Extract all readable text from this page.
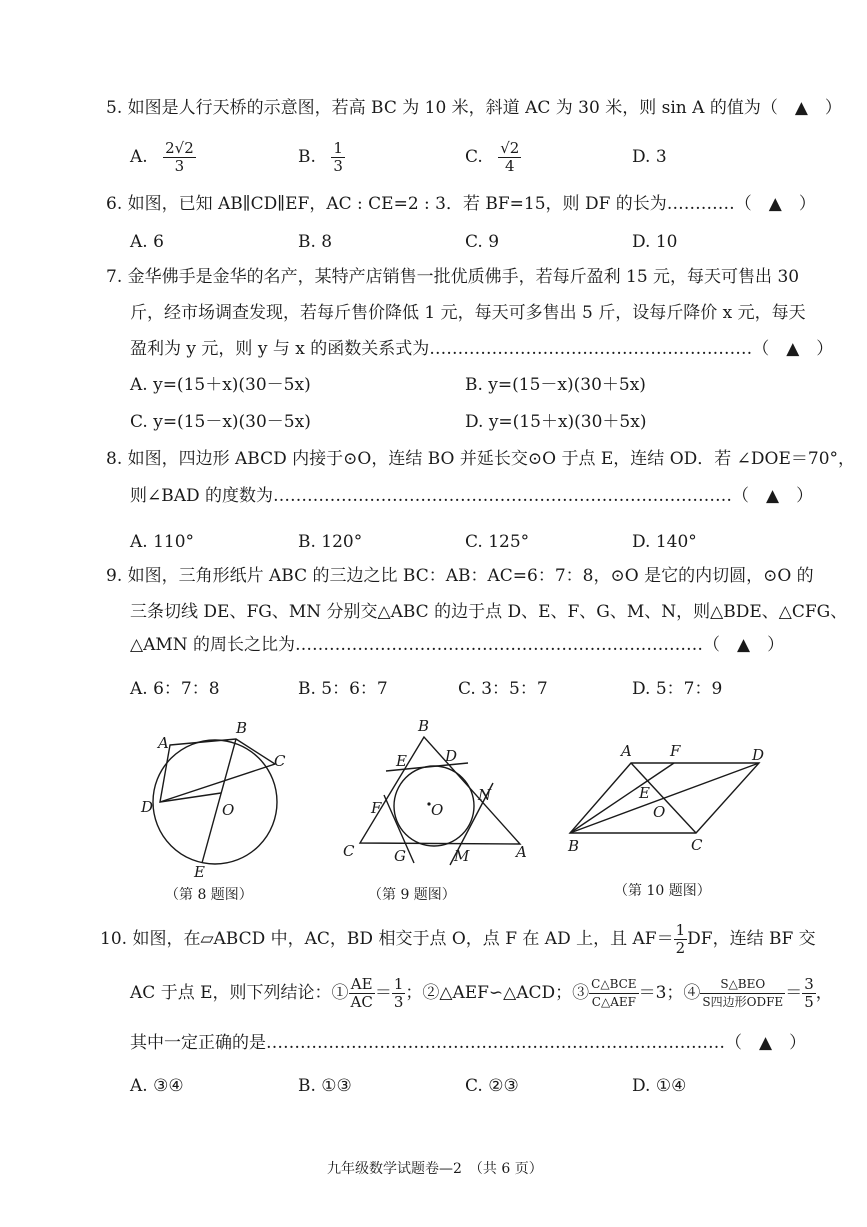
5. 如图是人行天桥的示意图，若高 BC 为 10 米，斜道 AC 为 30 米，则 sin A 的值为（　▲　）
A. $\frac{2√2}{3}$	B. $\frac{1}{3}$	C. $\frac{√2}{4}$	D. 3
6. 如图，已知 AB∥CD∥EF，AC : CE=2 : 3．若 BF=15，则 DF 的长为…………（　▲　）
A. 6	B. 8	C. 9	D. 10
7. 金华佛手是金华的名产，某特产店销售一批优质佛手，若每斤盈利 15 元，每天可售出 30
斤，经市场调查发现，若每斤售价降低 1 元，每天可多售出 5 斤，设每斤降价 x 元，每天
盈利为 y 元，则 y 与 x 的函数关系式为…………………………………………………（　▲　）
A. y=(15＋x)(30－5x)	B. y=(15－x)(30＋5x)
C. y=(15－x)(30－5x)	D. y=(15＋x)(30＋5x)
8. 如图，四边形 ABCD 内接于⊙O，连结 BO 并延长交⊙O 于点 E，连结 OD．若 ∠DOE＝70°，
则∠BAD 的度数为………………………………………………………………………（　▲　）
A. 110°	B. 120°	C. 125°	D. 140°
9. 如图，三角形纸片 ABC 的三边之比 BC：AB：AC=6：7：8，⊙O 是它的内切圆，⊙O 的
三条切线 DE、FG、MN 分别交△ABC 的边于点 D、E、F、G、M、N，则△BDE、△CFG、
△AMN 的周长之比为………………………………………………………………（　▲　）
A. 6：7：8	B. 5：6：7	C. 3：5：7	D. 5：7：9
A
B
C
D	O
E
（第 8 题图）
B
E	D
F	O
N
C	G	M	A
（第 9 题图）
A	F	D
E
O
B	C
（第 10 题图）
10. 如图，在▱ABCD 中，AC，BD 相交于点 O，点 F 在 AD 上，且 $AF= \frac{1}{2}$ DF，连结 BF 交
AC 于点 E，则下列结论：① $\frac{AE}{AC} = \frac{1}{3}$ ；②△AEF∽△ACD；③ $\frac{\text{C△BCE}}{\text{C△AEF}} =3$；④ $\frac{\text{S△BEO}}{\text{S四边形ODFE}} = \frac{3}{5}$ ，
其中一定正确的是………………………………………………………………………（　▲　）
A. ③④	B. ①③	C. ②③	D. ①④
九年级数学试题卷—2　（共 6 页）
